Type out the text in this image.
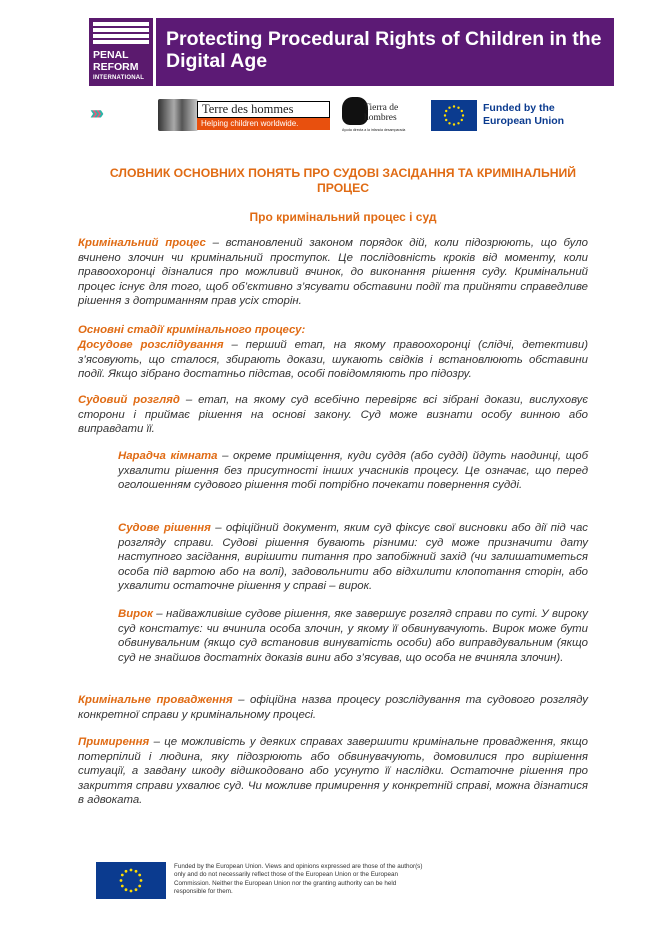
PENAL
REFORM
INTERNATIONAL
Protecting Procedural Rights of Children in the Digital Age
›››››	Terre des hommes
Helping children worldwide.
Tierra de
hombres
Ayuda directa a la infancia desamparada
Funded by the European Union
СЛОВНИК ОСНОВНИХ ПОНЯТЬ ПРО СУДОВІ ЗАСІДАННЯ ТА КРИМІНАЛЬНИЙ ПРОЦЕС
Про кримінальний процес і суд
Кримінальний процес – встановлений законом порядок дій, коли підозрюють, що було вчинено злочин чи кримінальний проступок. Це послідовність кроків від моменту, коли правоохоронці дізналися про можливий вчинок, до виконання рішення суду. Кримінальний процес існує для того, щоб об’єктивно з’ясувати обставини події та прийняти справедливе рішення з дотриманням прав усіх сторін.
Основні стадії кримінального процесу:
Досудове розслідування – перший етап, на якому правоохоронці (слідчі, детективи) з’ясовують, що сталося, збирають докази, шукають свідків і встановлюють обставини події. Якщо зібрано достатньо підстав, особі повідомляють про підозру.
Судовий розгляд – етап, на якому суд всебічно перевіряє всі зібрані докази, вислуховує сторони і приймає рішення на основі закону. Суд може визнати особу винною або виправдати її.
Нарадча кімната – окреме приміщення, куди суддя (або судді) йдуть наодинці, щоб ухвалити рішення без присутності інших учасників процесу. Це означає, що перед оголошенням судового рішення тобі потрібно почекати повернення судді.
Судове рішення – офіційний документ, яким суд фіксує свої висновки або дії під час розгляду справи. Судові рішення бувають різними: суд може призначити дату наступного засідання, вирішити питання про запобіжний захід (чи залишатиметься особа під вартою або на волі), задовольнити або відхилити клопотання сторін, або ухвалити остаточне рішення у справі – вирок.
Вирок – найважливіше судове рішення, яке завершує розгляд справи по суті. У вироку суд констатує: чи вчинила особа злочин, у якому її обвинувачують. Вирок може бути обвинувальним (якщо суд встановив винуватість особи) або виправдувальним (якщо суд не знайшов достатніх доказів вини або з’ясував, що особа не вчиняла злочин).
Кримінальне провадження – офіційна назва процесу розслідування та судового розгляду конкретної справи у кримінальному процесі.
Примирення – це можливість у деяких справах завершити кримінальне провадження, якщо потерпілий і людина, яку підозрюють або обвинувачують, домовилися про вирішення ситуації, а завдану шкоду відшкодовано або усунуто її наслідки. Остаточне рішення про закриття справи ухвалює суд. Чи можливе примирення у конкретній справі, можна дізнатися в адвоката.
Funded by the European Union. Views and opinions expressed are those of the author(s) only and do not necessarily reflect those of the European Union or the European Commission. Neither the European Union nor the granting authority can be held responsible for them.
